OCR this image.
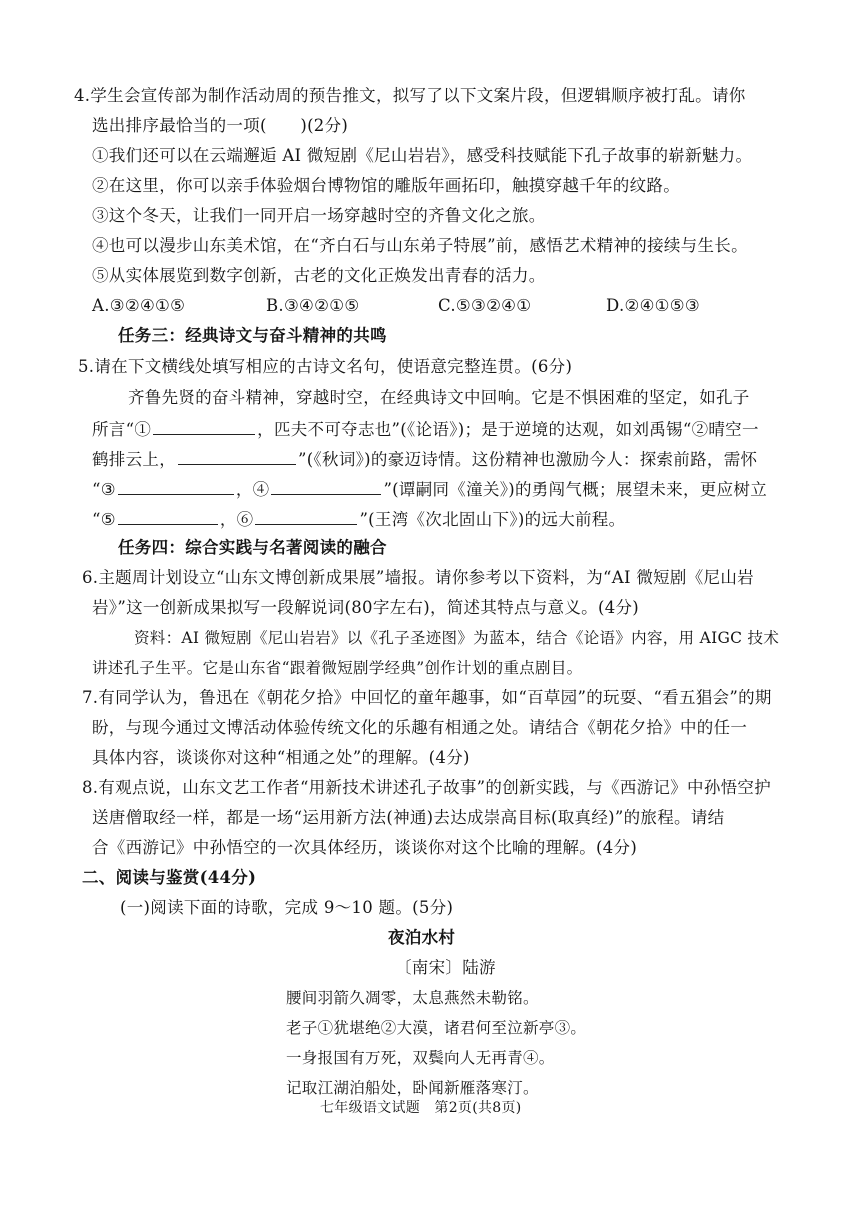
4.学生会宣传部为制作活动周的预告推文，拟写了以下文案片段，但逻辑顺序被打乱。请你
选出排序最恰当的一项(　　)(2分)
①我们还可以在云端邂逅 AI 微短剧《尼山岩岩》，感受科技赋能下孔子故事的崭新魅力。
②在这里，你可以亲手体验烟台博物馆的雕版年画拓印，触摸穿越千年的纹路。
③这个冬天，让我们一同开启一场穿越时空的齐鲁文化之旅。
④也可以漫步山东美术馆，在“齐白石与山东弟子特展”前，感悟艺术精神的接续与生长。
⑤从实体展览到数字创新，古老的文化正焕发出青春的活力。
A.③②④①⑤	B.③④②①⑤	C.⑤③②④①	D.②④①⑤③
任务三：经典诗文与奋斗精神的共鸣
5.请在下文横线处填写相应的古诗文名句，使语意完整连贯。(6分)
齐鲁先贤的奋斗精神，穿越时空，在经典诗文中回响。它是不惧困难的坚定，如孔子
所言“①	，匹夫不可夺志也”(《论语》)；是于逆境的达观，如刘禹锡“②晴空一
鹤排云上，	”(《秋词》)的豪迈诗情。这份精神也激励今人：探索前路，需怀
“③	，④	”(谭嗣同《潼关》)的勇闯气概；展望未来，更应树立
“⑤	，⑥	”(王湾《次北固山下》)的远大前程。
任务四：综合实践与名著阅读的融合
6.主题周计划设立“山东文博创新成果展”墙报。请你参考以下资料，为“AI 微短剧《尼山岩
岩》”这一创新成果拟写一段解说词(80字左右)，简述其特点与意义。(4分)
资料：AI 微短剧《尼山岩岩》以《孔子圣迹图》为蓝本，结合《论语》内容，用 AIGC 技术
讲述孔子生平。它是山东省“跟着微短剧学经典”创作计划的重点剧目。
7.有同学认为，鲁迅在《朝花夕拾》中回忆的童年趣事，如“百草园”的玩耍、“看五猖会”的期
盼，与现今通过文博活动体验传统文化的乐趣有相通之处。请结合《朝花夕拾》中的任一
具体内容，谈谈你对这种“相通之处”的理解。(4分)
8.有观点说，山东文艺工作者“用新技术讲述孔子故事”的创新实践，与《西游记》中孙悟空护
送唐僧取经一样，都是一场“运用新方法(神通)去达成崇高目标(取真经)”的旅程。请结
合《西游记》中孙悟空的一次具体经历，谈谈你对这个比喻的理解。(4分)
二、阅读与鉴赏(44分)
(一)阅读下面的诗歌，完成 9～10 题。(5分)
夜泊水村
〔南宋〕陆游
腰间羽箭久凋零，太息燕然未勒铭。
老子①犹堪绝②大漠，诸君何至泣新亭③。
一身报国有万死，双鬓向人无再青④。
记取江湖泊船处，卧闻新雁落寒汀。
七年级语文试题　第2页(共8页)
